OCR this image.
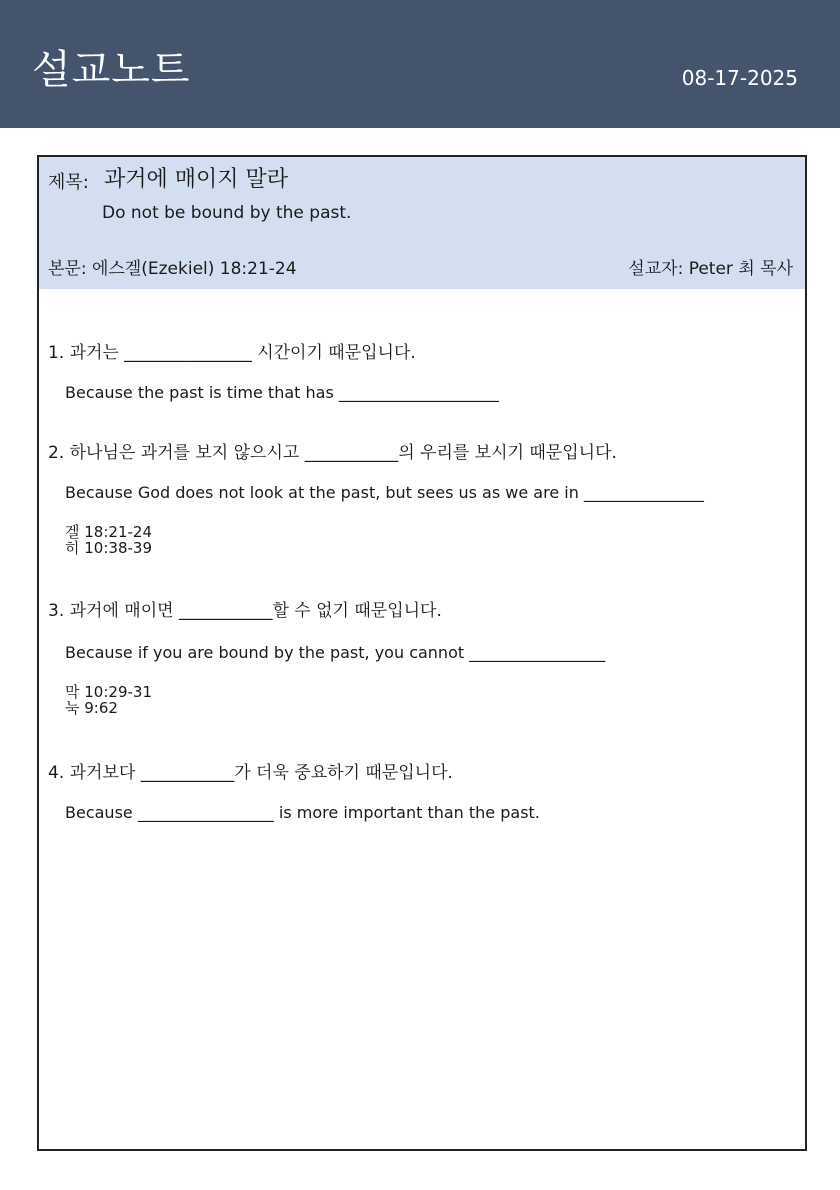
설교노트	08-17-2025
제목: 과거에 매이지 말라
Do not be bound by the past.
본문: 에스겔(Ezekiel) 18:21-24	설교자: Peter 최 목사
1. 과거는 _______________ 시간이기 때문입니다.
Because the past is time that has ____________________
2. 하나님은 과거를 보지 않으시고 ___________의 우리를 보시기 때문입니다.
Because God does not look at the past, but sees us as we are in _______________
겔 18:21-24
히 10:38-39
3. 과거에 매이면 ___________할 수 없기 때문입니다.
Because if you are bound by the past, you cannot _________________
막 10:29-31
눅 9:62
4. 과거보다 ___________가 더욱 중요하기 때문입니다.
Because _________________ is more important than the past.
